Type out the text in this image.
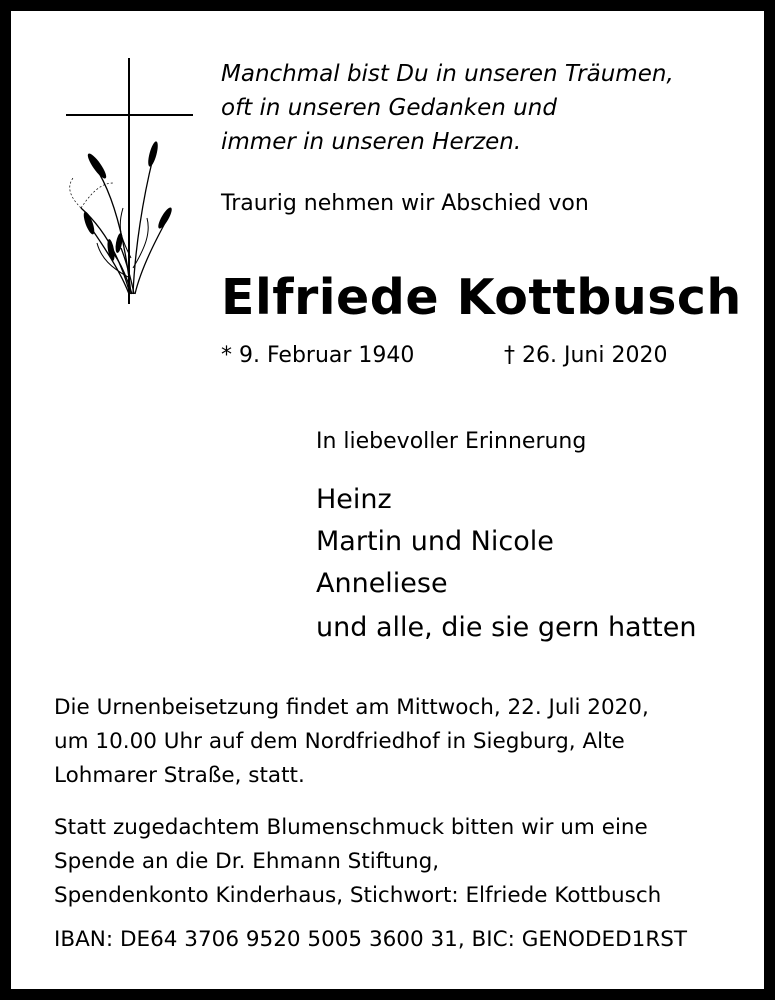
Manchmal bist Du in unseren Träumen,
oft in unseren Gedanken und
immer in unseren Herzen.
Traurig nehmen wir Abschied von
Elfriede Kottbusch
* 9. Februar 1940	† 26. Juni 2020
In liebevoller Erinnerung
Heinz
Martin und Nicole
Anneliese
und alle, die sie gern hatten
Die Urnenbeisetzung findet am Mittwoch, 22. Juli 2020,
um 10.00 Uhr auf dem Nordfriedhof in Siegburg, Alte
Lohmarer Straße, statt.
Statt zugedachtem Blumenschmuck bitten wir um eine
Spende an die Dr. Ehmann Stiftung,
Spendenkonto Kinderhaus, Stichwort: Elfriede Kottbusch
IBAN: DE64 3706 9520 5005 3600 31, BIC: GENODED1RST
